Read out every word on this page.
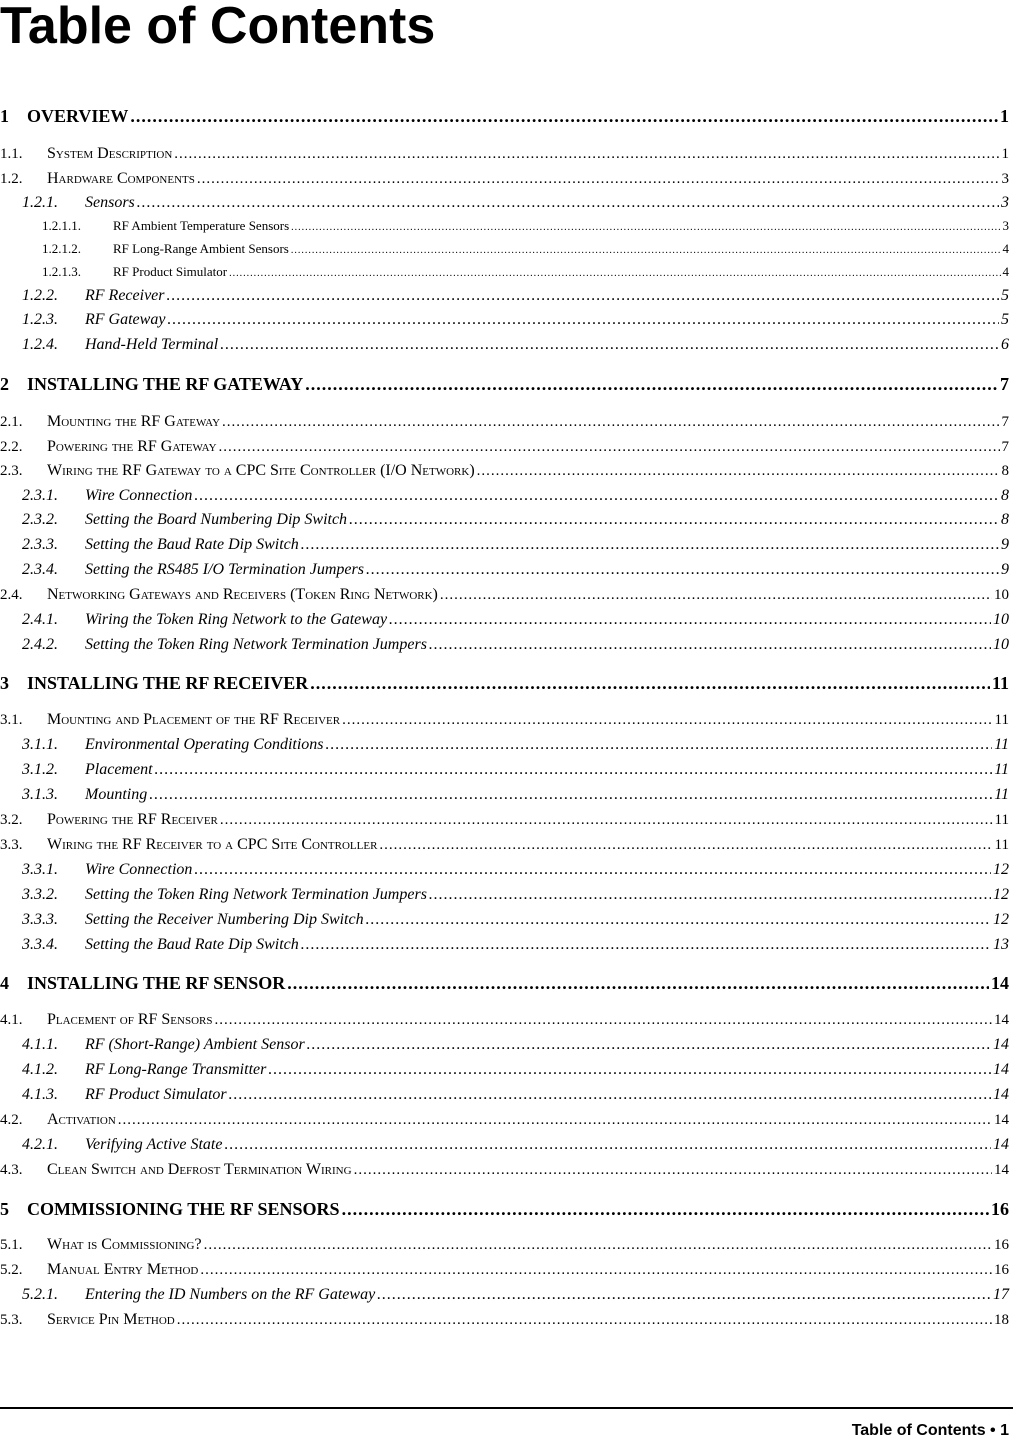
Table of Contents
1	OVERVIEW .....	1
1.1.	System Description .....	1
1.2.	Hardware Components .....	3
1.2.1.	Sensors .....	3
1.2.1.1.	RF Ambient Temperature Sensors .....	3
1.2.1.2.	RF Long-Range Ambient Sensors .....	4
1.2.1.3.	RF Product Simulator .....	4
1.2.2.	RF Receiver .....	5
1.2.3.	RF Gateway .....	5
1.2.4.	Hand-Held Terminal .....	6
2	INSTALLING THE RF GATEWAY .....	7
2.1.	Mounting the RF Gateway .....	7
2.2.	Powering the RF Gateway .....	7
2.3.	Wiring the RF Gateway to a CPC Site Controller (I/O Network) .....	8
2.3.1.	Wire Connection .....	8
2.3.2.	Setting the Board Numbering Dip Switch .....	8
2.3.3.	Setting the Baud Rate Dip Switch .....	9
2.3.4.	Setting the RS485 I/O Termination Jumpers .....	9
2.4.	Networking Gateways and Receivers (Token Ring Network) .....	10
2.4.1.	Wiring the Token Ring Network to the Gateway .....	10
2.4.2.	Setting the Token Ring Network Termination Jumpers .....	10
3	INSTALLING THE RF RECEIVER .....	11
3.1.	Mounting and Placement of the RF Receiver .....	11
3.1.1.	Environmental Operating Conditions .....	11
3.1.2.	Placement .....	11
3.1.3.	Mounting .....	11
3.2.	Powering the RF Receiver .....	11
3.3.	Wiring the RF Receiver to a CPC Site Controller .....	11
3.3.1.	Wire Connection .....	12
3.3.2.	Setting the Token Ring Network Termination Jumpers .....	12
3.3.3.	Setting the Receiver Numbering Dip Switch .....	12
3.3.4.	Setting the Baud Rate Dip Switch .....	13
4	INSTALLING THE RF SENSOR .....	14
4.1.	Placement of RF Sensors .....	14
4.1.1.	RF (Short-Range) Ambient Sensor .....	14
4.1.2.	RF Long-Range Transmitter .....	14
4.1.3.	RF Product Simulator .....	14
4.2.	Activation .....	14
4.2.1.	Verifying Active State .....	14
4.3.	Clean Switch and Defrost Termination Wiring .....	14
5	COMMISSIONING THE RF SENSORS .....	16
5.1.	What is Commissioning? .....	16
5.2.	Manual Entry Method .....	16
5.2.1.	Entering the ID Numbers on the RF Gateway .....	17
5.3.	Service Pin Method .....	18
Table of Contents • 1
